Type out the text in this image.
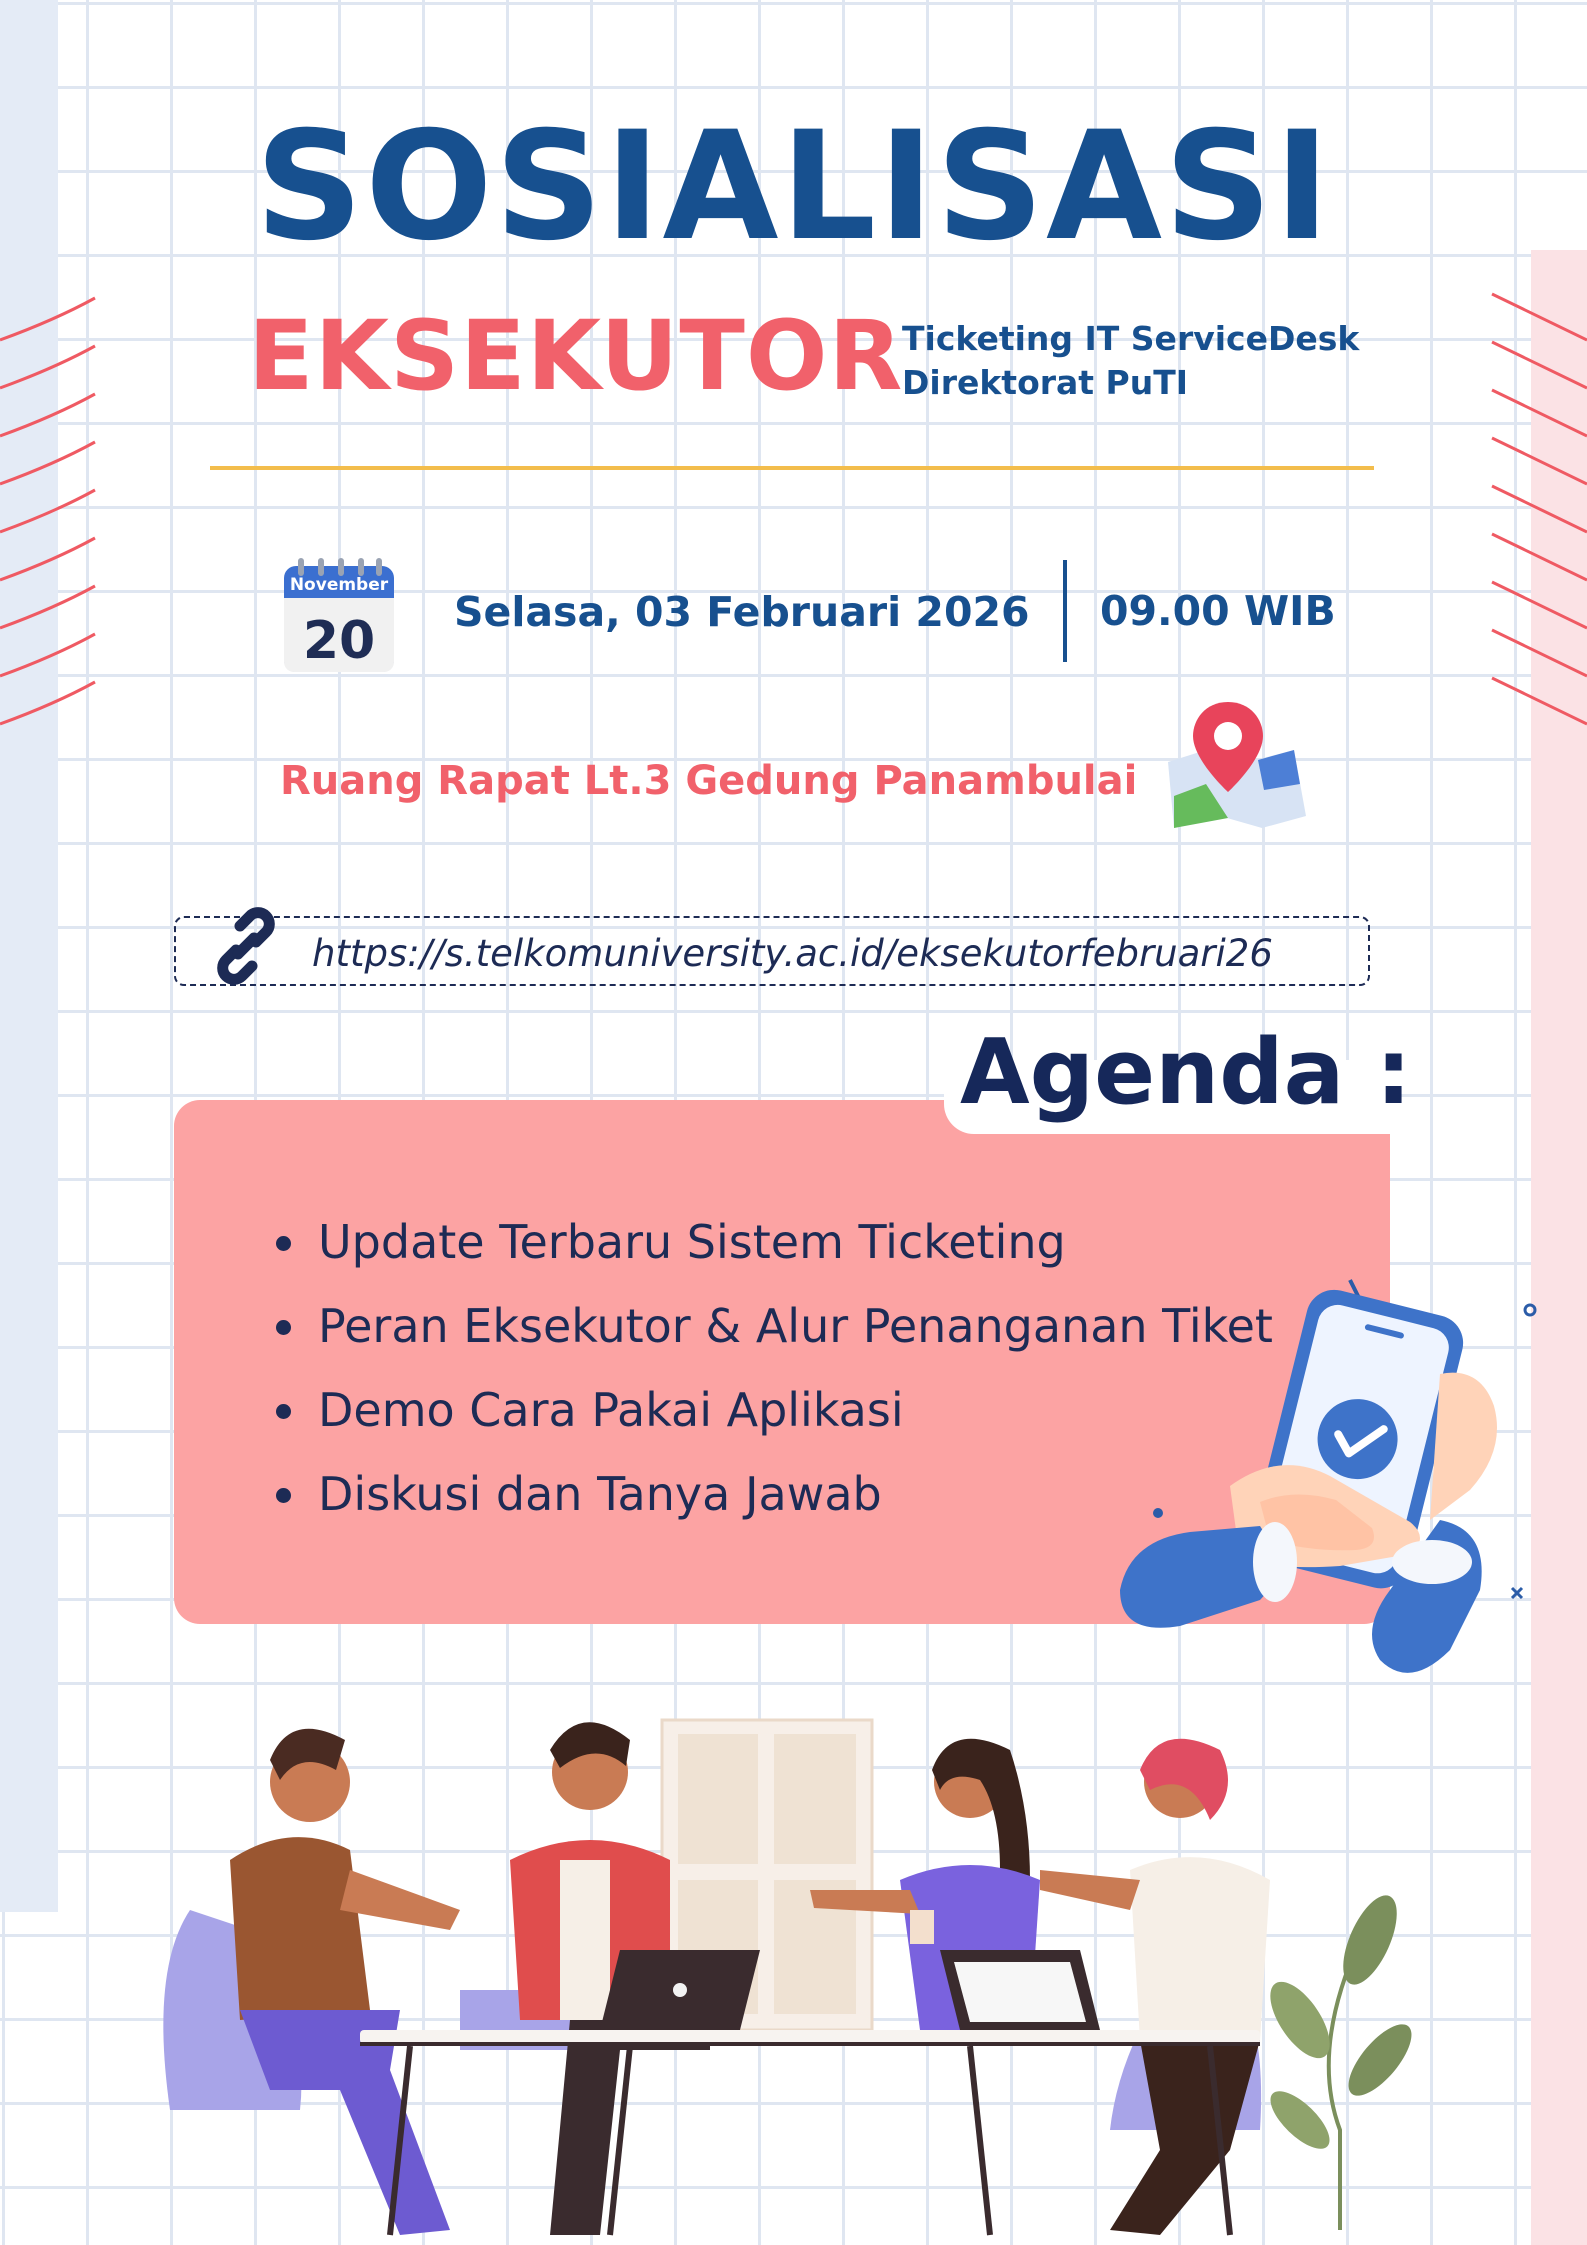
SOSIALISASI
EKSEKUTOR
Ticketing IT ServiceDesk
Direktorat PuTI
November
20 Selasa, 03 Februari 2026 09.00 WIB
Ruang Rapat Lt.3 Gedung Panambulai
https://s.telkomuniversity.ac.id/eksekutorfebruari26
Agenda :
Update Terbaru Sistem Ticketing
Peran Eksekutor & Alur Penanganan Tiket
Demo Cara Pakai Aplikasi
Diskusi dan Tanya Jawab
